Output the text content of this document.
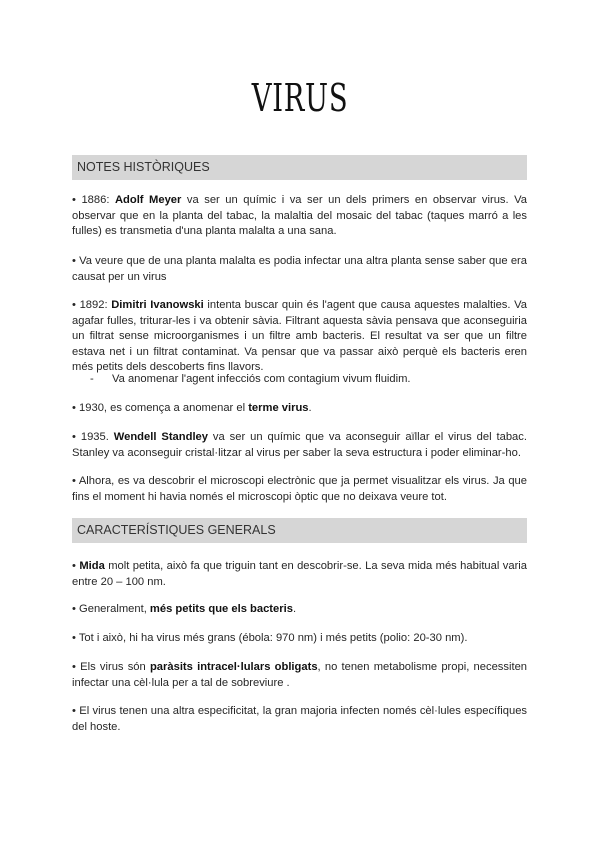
VIRUS
NOTES HISTÒRIQUES

• 1886: Adolf Meyer va ser un químic i va ser un dels primers en observar virus. Va observar que en la planta del tabac, la malaltia del mosaic del tabac (taques marró a les fulles) es transmetia d'una planta malalta a una sana.

• Va veure que de una planta malalta es podia infectar una altra planta sense saber que era causat per un virus

• 1892: Dimitri Ivanowski intenta buscar quin és l'agent que causa aquestes malalties. Va agafar fulles, triturar-les i va obtenir sàvia. Filtrant aquesta sàvia pensava que aconseguiria un filtrat sense microorganismes i un filtre amb bacteris. El resultat va ser que un filtre estava net i un filtrat contaminat. Va pensar que va passar això perquè els bacteris eren més petits dels descoberts fins llavors.

- Va anomenar l'agent infecciós com contagium vivum fluidim.

• 1930, es comença a anomenar el terme virus.

• 1935. Wendell Standley va ser un químic que va aconseguir aïllar el virus del tabac. Stanley va aconseguir cristal·litzar al virus per saber la seva estructura i poder eliminar-ho.

• Alhora, es va descobrir el microscopi electrònic que ja permet visualitzar els virus. Ja que fins el moment hi havia només el microscopi òptic que no deixava veure tot.

CARACTERÍSTIQUES GENERALS

• Mida molt petita, això fa que triguin tant en descobrir-se. La seva mida més habitual varia entre 20 – 100 nm.

• Generalment, més petits que els bacteris.

• Tot i això, hi ha virus més grans (ébola: 970 nm) i més petits (polio: 20-30 nm).

• Els virus són paràsits intracel·lulars obligats, no tenen metabolisme propi, necessiten infectar una cèl·lula per a tal de sobreviure .

• El virus tenen una altra especificitat, la gran majoria infecten només cèl·lules específiques del hoste.
